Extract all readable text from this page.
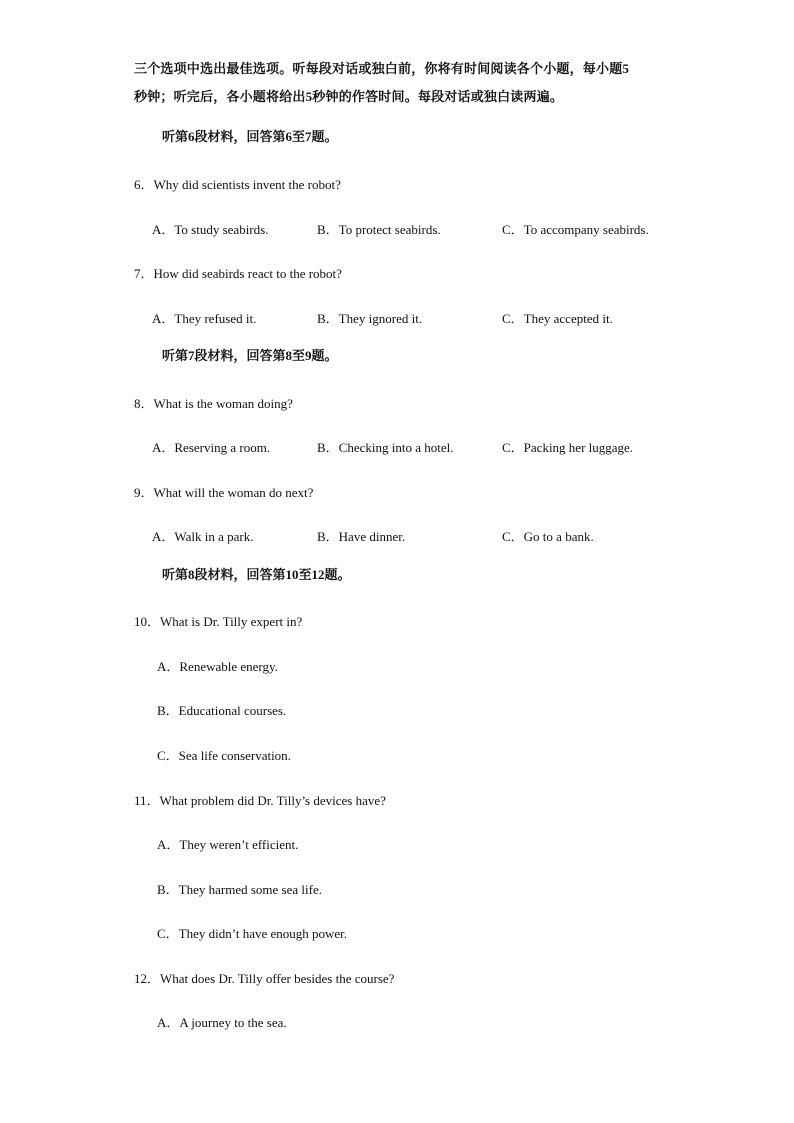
三个选项中选出最佳选项。听每段对话或独白前，你将有时间阅读各个小题，每小题5
秒钟；听完后，各小题将给出5秒钟的作答时间。每段对话或独白读两遍。
听第6段材料，回答第6至7题。
6．Why did scientists invent the robot?
A．To study seabirds.	B．To protect seabirds.	C．To accompany seabirds.
7．How did seabirds react to the robot?
A．They refused it.	B．They ignored it.	C．They accepted it.
听第7段材料，回答第8至9题。
8．What is the woman doing?
A．Reserving a room.	B．Checking into a hotel.	C．Packing her luggage.
9．What will the woman do next?
A．Walk in a park.	B．Have dinner.	C．Go to a bank.
听第8段材料，回答第10至12题。
10．What is Dr. Tilly expert in?
A．Renewable energy.
B．Educational courses.
C．Sea life conservation.
11．What problem did Dr. Tilly’s devices have?
A．They weren’t efficient.
B．They harmed some sea life.
C．They didn’t have enough power.
12．What does Dr. Tilly offer besides the course?
A．A journey to the sea.
